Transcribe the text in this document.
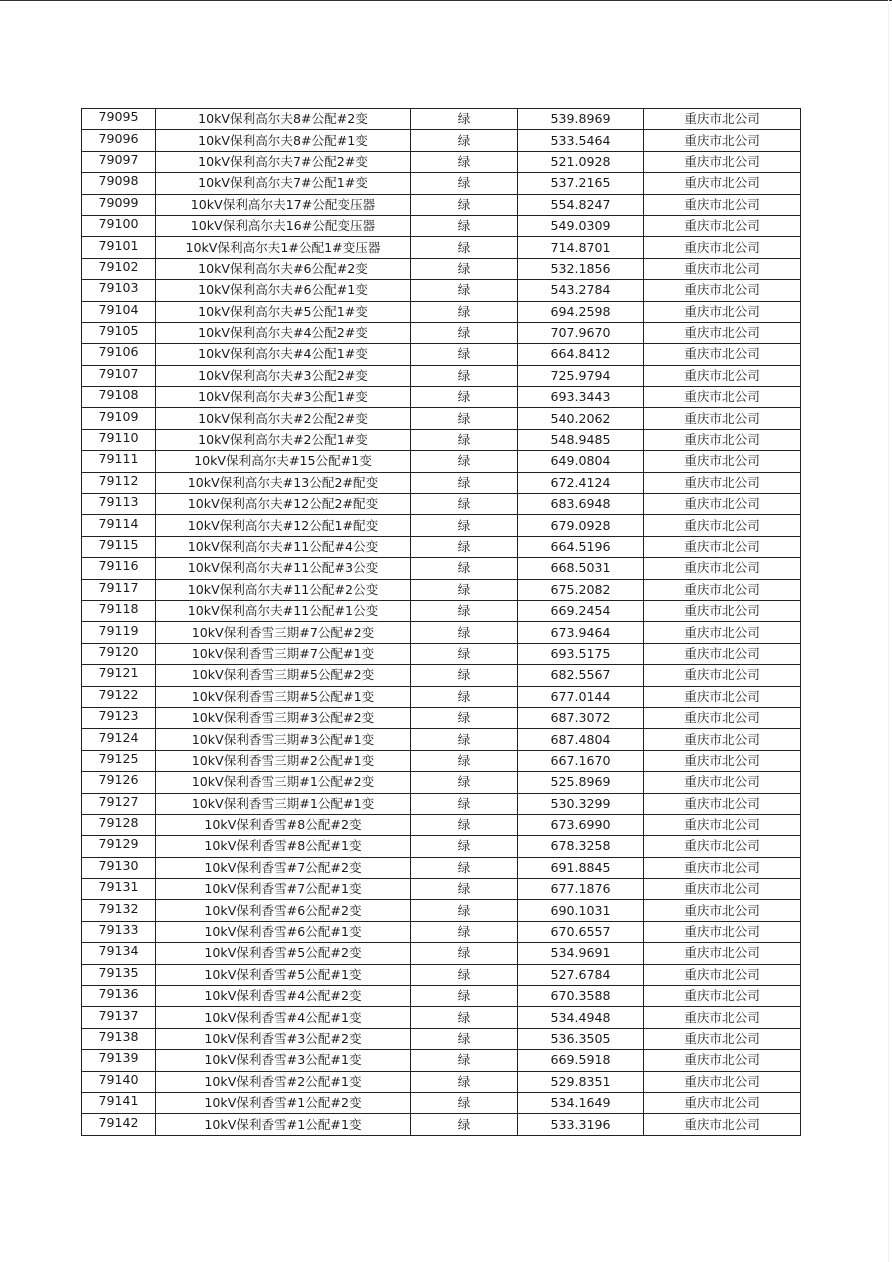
79095	10kV保利高尔夫8#公配#2变	绿	539.8969	重庆市北公司
79096	10kV保利高尔夫8#公配#1变	绿	533.5464	重庆市北公司
79097	10kV保利高尔夫7#公配2#变	绿	521.0928	重庆市北公司
79098	10kV保利高尔夫7#公配1#变	绿	537.2165	重庆市北公司
79099	10kV保利高尔夫17#公配变压器	绿	554.8247	重庆市北公司
79100	10kV保利高尔夫16#公配变压器	绿	549.0309	重庆市北公司
79101	10kV保利高尔夫1#公配1#变压器	绿	714.8701	重庆市北公司
79102	10kV保利高尔夫#6公配#2变	绿	532.1856	重庆市北公司
79103	10kV保利高尔夫#6公配#1变	绿	543.2784	重庆市北公司
79104	10kV保利高尔夫#5公配1#变	绿	694.2598	重庆市北公司
79105	10kV保利高尔夫#4公配2#变	绿	707.9670	重庆市北公司
79106	10kV保利高尔夫#4公配1#变	绿	664.8412	重庆市北公司
79107	10kV保利高尔夫#3公配2#变	绿	725.9794	重庆市北公司
79108	10kV保利高尔夫#3公配1#变	绿	693.3443	重庆市北公司
79109	10kV保利高尔夫#2公配2#变	绿	540.2062	重庆市北公司
79110	10kV保利高尔夫#2公配1#变	绿	548.9485	重庆市北公司
79111	10kV保利高尔夫#15公配#1变	绿	649.0804	重庆市北公司
79112	10kV保利高尔夫#13公配2#配变	绿	672.4124	重庆市北公司
79113	10kV保利高尔夫#12公配2#配变	绿	683.6948	重庆市北公司
79114	10kV保利高尔夫#12公配1#配变	绿	679.0928	重庆市北公司
79115	10kV保利高尔夫#11公配#4公变	绿	664.5196	重庆市北公司
79116	10kV保利高尔夫#11公配#3公变	绿	668.5031	重庆市北公司
79117	10kV保利高尔夫#11公配#2公变	绿	675.2082	重庆市北公司
79118	10kV保利高尔夫#11公配#1公变	绿	669.2454	重庆市北公司
79119	10kV保利香雪三期#7公配#2变	绿	673.9464	重庆市北公司
79120	10kV保利香雪三期#7公配#1变	绿	693.5175	重庆市北公司
79121	10kV保利香雪三期#5公配#2变	绿	682.5567	重庆市北公司
79122	10kV保利香雪三期#5公配#1变	绿	677.0144	重庆市北公司
79123	10kV保利香雪三期#3公配#2变	绿	687.3072	重庆市北公司
79124	10kV保利香雪三期#3公配#1变	绿	687.4804	重庆市北公司
79125	10kV保利香雪三期#2公配#1变	绿	667.1670	重庆市北公司
79126	10kV保利香雪三期#1公配#2变	绿	525.8969	重庆市北公司
79127	10kV保利香雪三期#1公配#1变	绿	530.3299	重庆市北公司
79128	10kV保利香雪#8公配#2变	绿	673.6990	重庆市北公司
79129	10kV保利香雪#8公配#1变	绿	678.3258	重庆市北公司
79130	10kV保利香雪#7公配#2变	绿	691.8845	重庆市北公司
79131	10kV保利香雪#7公配#1变	绿	677.1876	重庆市北公司
79132	10kV保利香雪#6公配#2变	绿	690.1031	重庆市北公司
79133	10kV保利香雪#6公配#1变	绿	670.6557	重庆市北公司
79134	10kV保利香雪#5公配#2变	绿	534.9691	重庆市北公司
79135	10kV保利香雪#5公配#1变	绿	527.6784	重庆市北公司
79136	10kV保利香雪#4公配#2变	绿	670.3588	重庆市北公司
79137	10kV保利香雪#4公配#1变	绿	534.4948	重庆市北公司
79138	10kV保利香雪#3公配#2变	绿	536.3505	重庆市北公司
79139	10kV保利香雪#3公配#1变	绿	669.5918	重庆市北公司
79140	10kV保利香雪#2公配#1变	绿	529.8351	重庆市北公司
79141	10kV保利香雪#1公配#2变	绿	534.1649	重庆市北公司
79142	10kV保利香雪#1公配#1变	绿	533.3196	重庆市北公司
